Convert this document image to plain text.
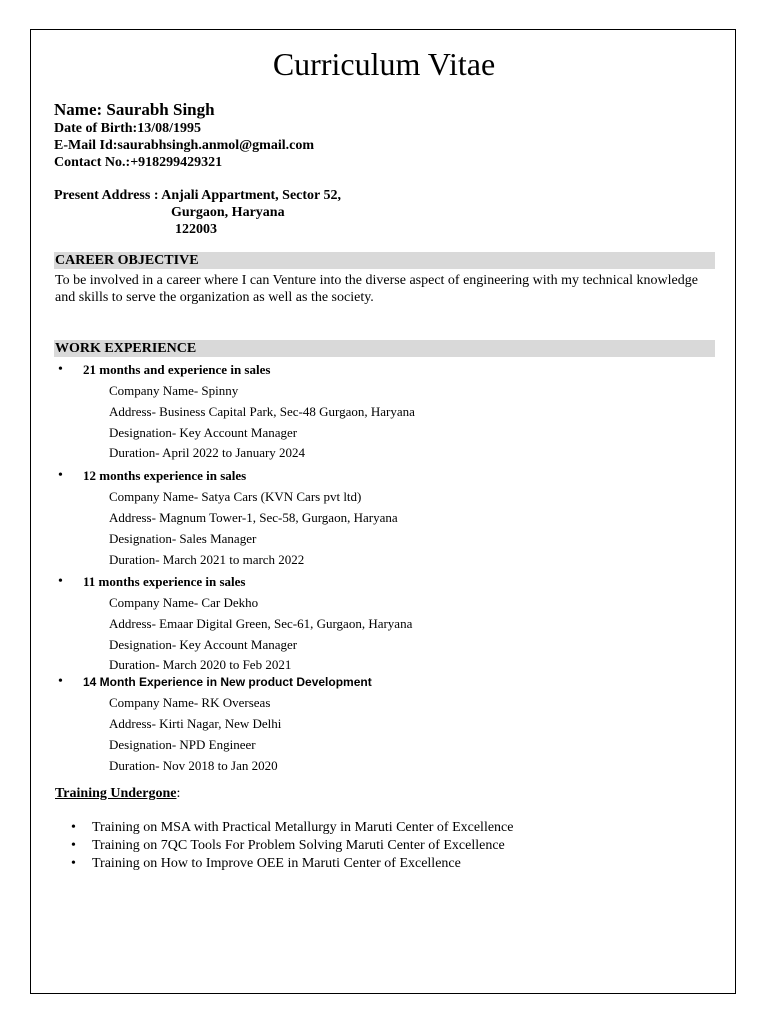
Curriculum Vitae
Name: Saurabh Singh
Date of Birth:13/08/1995
E-Mail Id:saurabhsingh.anmol@gmail.com
Contact No.:+918299429321
Present Address : Anjali Appartment, Sector 52,
Gurgaon, Haryana
122003
CAREER OBJECTIVE
To be involved in a career where I can Venture into the diverse aspect of engineering with my technical knowledge and skills to serve the organization as well as the society.
WORK EXPERIENCE
• 21 months and experience in sales
Company Name- Spinny
Address- Business Capital Park, Sec-48 Gurgaon, Haryana
Designation- Key Account Manager
Duration- April 2022 to January 2024
• 12 months experience in sales
Company Name- Satya Cars (KVN Cars pvt ltd)
Address- Magnum Tower-1, Sec-58, Gurgaon, Haryana
Designation- Sales Manager
Duration- March 2021 to march 2022
• 11 months experience in sales
Company Name- Car Dekho
Address- Emaar Digital Green, Sec-61, Gurgaon, Haryana
Designation- Key Account Manager
Duration- March 2020 to Feb 2021
• 14 Month Experience in New product Development
Company Name- RK Overseas
Address- Kirti Nagar, New Delhi
Designation- NPD Engineer
Duration- Nov 2018 to Jan 2020
Training Undergone:
• Training on MSA with Practical Metallurgy in Maruti Center of Excellence
• Training on 7QC Tools For Problem Solving Maruti Center of Excellence
• Training on How to Improve OEE in Maruti Center of Excellence
